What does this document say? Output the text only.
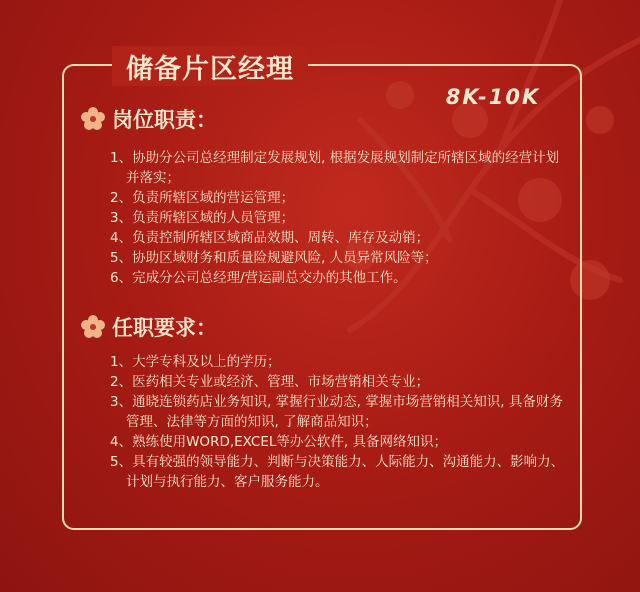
储备片区经理
8K-10K
岗位职责：
1、协助分公司总经理制定发展规划, 根据发展规划制定所辖区域的经营计划并落实；
2、负责所辖区域的营运管理；
3、负责所辖区域的人员管理；
4、负责控制所辖区域商品效期、周转、库存及动销；
5、协助区域财务和质量险规避风险, 人员异常风险等；
6、完成分公司总经理/营运副总交办的其他工作。
任职要求：
1、大学专科及以上的学历；
2、医药相关专业或经济、管理、市场营销相关专业；
3、通晓连锁药店业务知识, 掌握行业动态, 掌握市场营销相关知识, 具备财务管理、法律等方面的知识, 了解商品知识；
4、熟练使用WORD,EXCEL等办公软件, 具备网络知识；
5、具有较强的领导能力、判断与决策能力、人际能力、沟通能力、影响力、计划与执行能力、客户服务能力。
